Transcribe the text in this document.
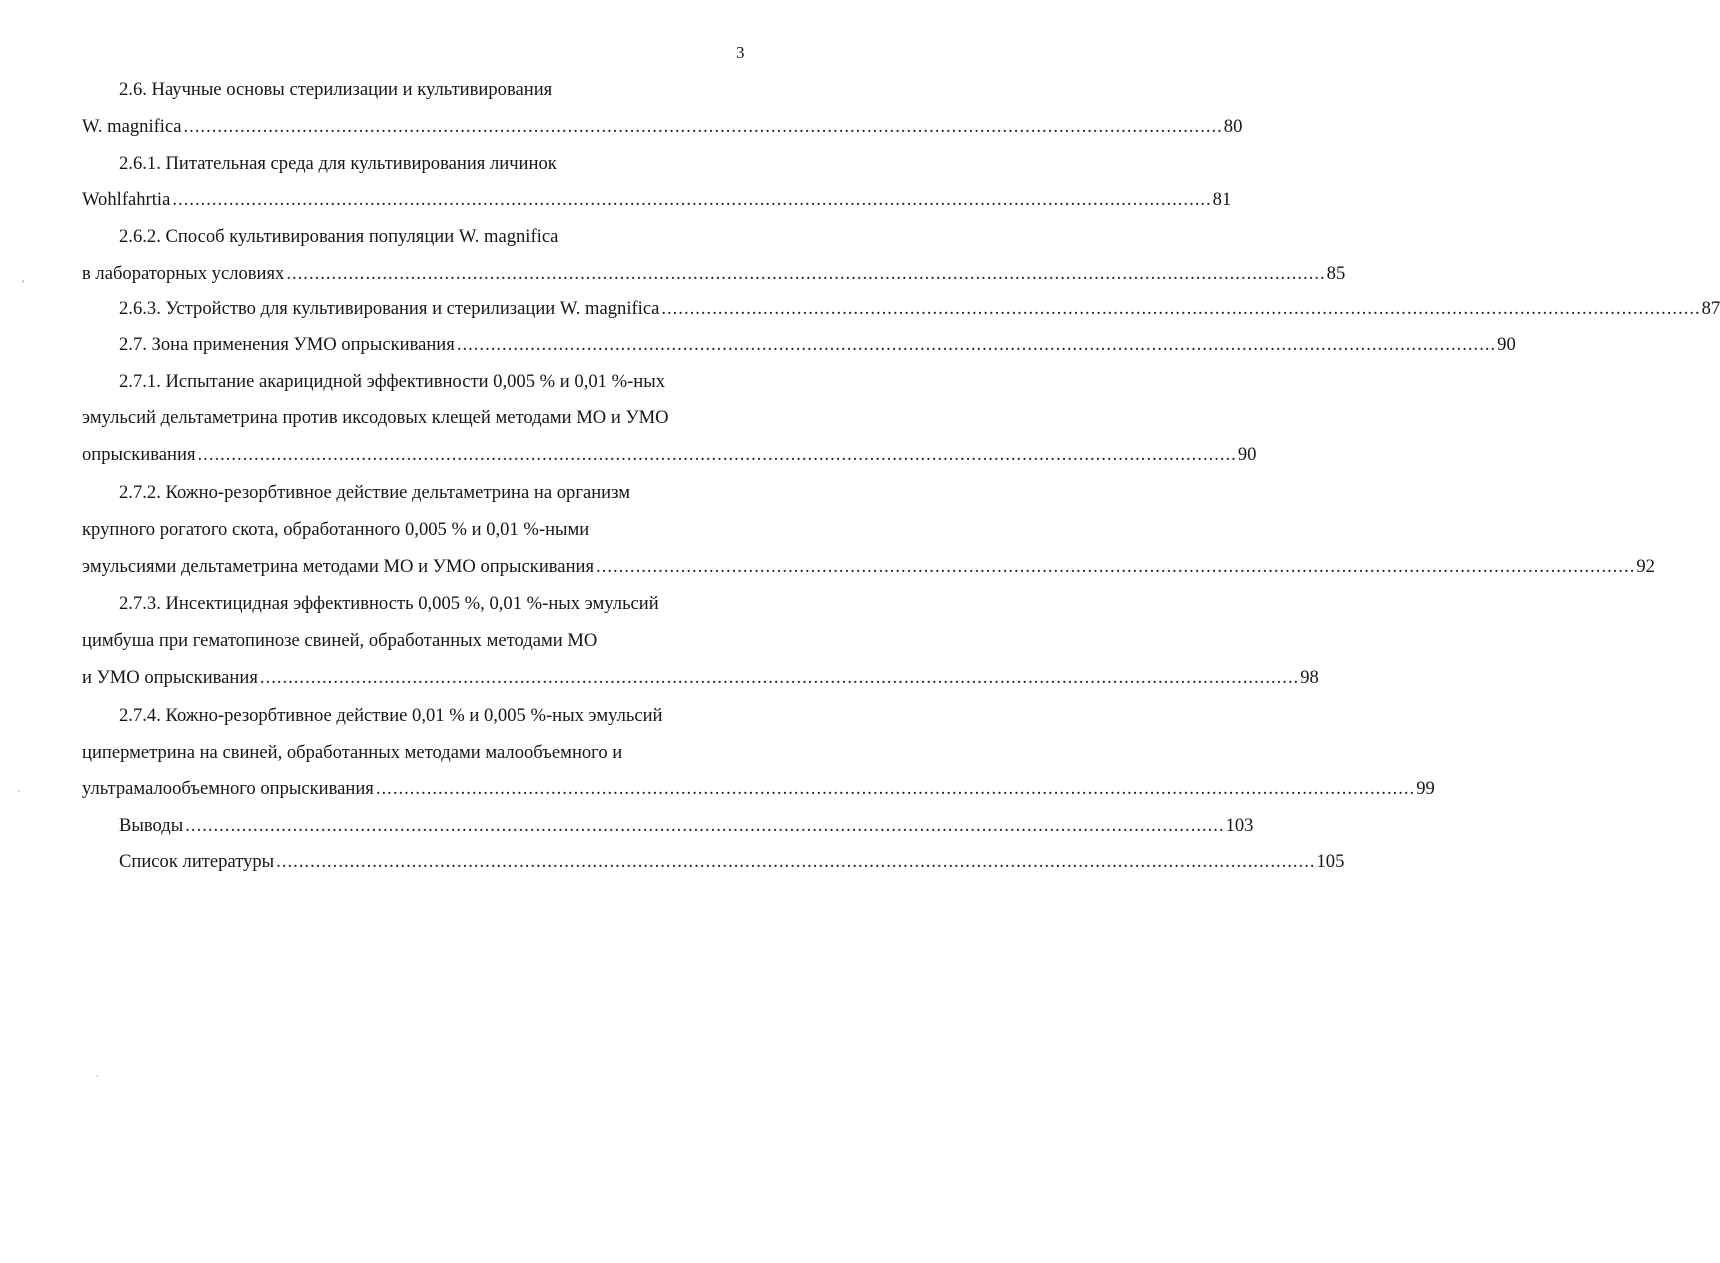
3
2.6. Научные основы стерилизации и культивирования
W. magnifica ........................................................................................................................................................................................ 80
2.6.1. Питательная среда для культивирования личинок
Wohlfahrtia ........................................................................................................................................................................................ 81
2.6.2. Способ культивирования популяции W. magnifica
в лабораторных условиях ........................................................................................................................................................................................ 85
2.6.3. Устройство для культивирования и стерилизации W. magnifica ........................................................................................................................................................................................ 87
2.7. Зона применения УМО опрыскивания ........................................................................................................................................................................................ 90
2.7.1. Испытание акарицидной эффективности 0,005 % и 0,01 %-ных
эмульсий дельтаметрина против иксодовых клещей методами МО и УМО
опрыскивания ........................................................................................................................................................................................ 90
2.7.2. Кожно-резорбтивное действие дельтаметрина на организм
крупного рогатого скота, обработанного 0,005 % и 0,01 %-ными
эмульсиями дельтаметрина методами МО и УМО опрыскивания ........................................................................................................................................................................................ 92
2.7.3. Инсектицидная эффективность 0,005 %, 0,01 %-ных эмульсий
цимбуша при гематопинозе свиней, обработанных методами МО
и УМО опрыскивания ........................................................................................................................................................................................ 98
2.7.4. Кожно-резорбтивное действие 0,01 % и 0,005 %-ных эмульсий
циперметрина на свиней, обработанных методами малообъемного и
ультрамалообъемного опрыскивания ........................................................................................................................................................................................ 99
Выводы ........................................................................................................................................................................................ 103
Список литературы ........................................................................................................................................................................................ 105
